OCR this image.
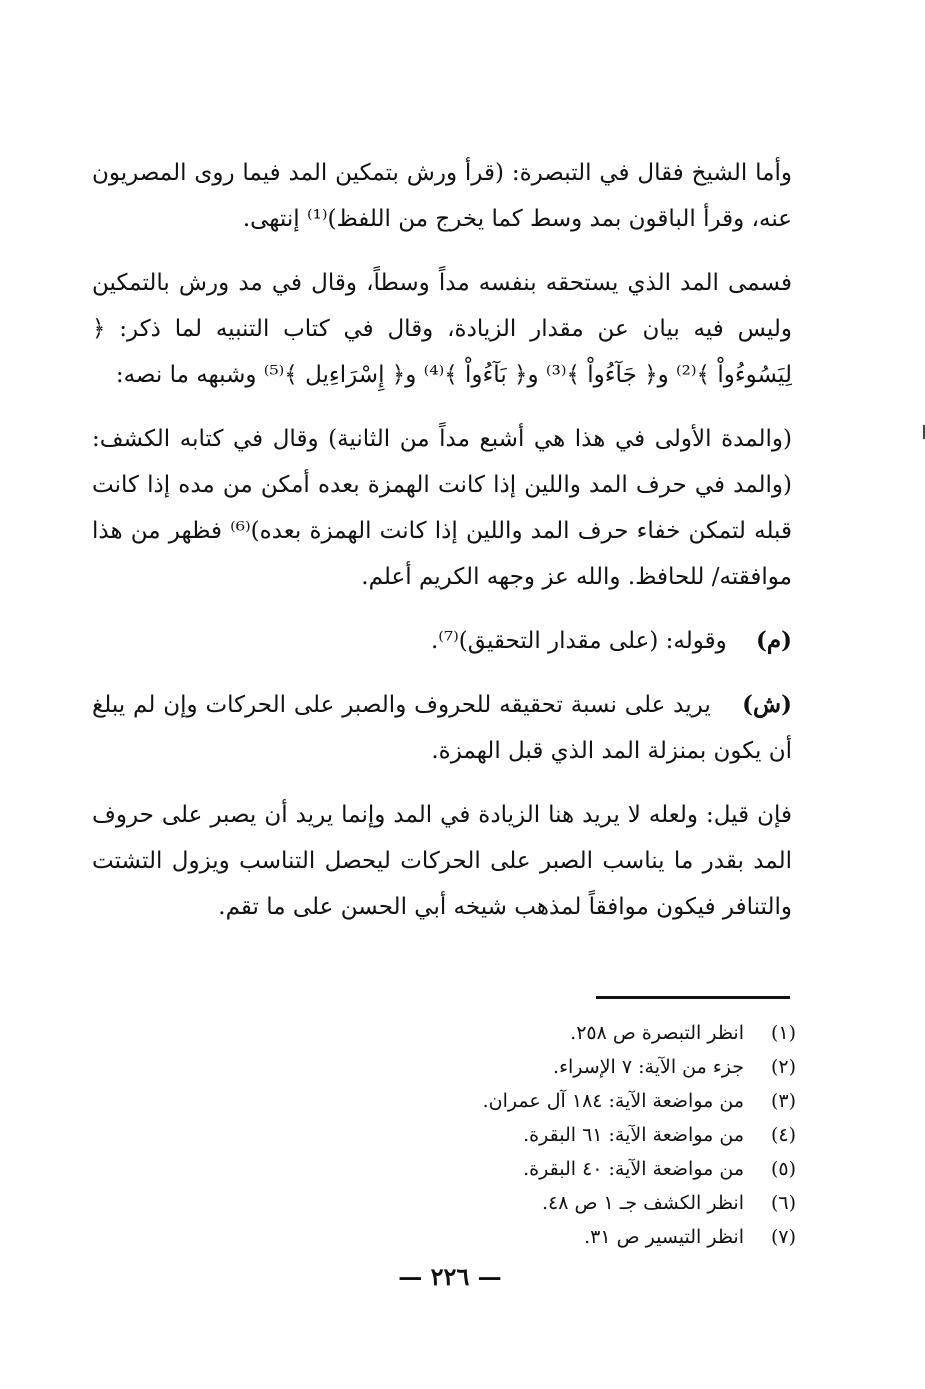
وأما الشيخ فقال في التبصرة: (قرأ ورش بتمكين المد فيما روى المصريون عنه، وقرأ الباقون بمد وسط كما يخرج من اللفظ)⁽¹⁾ إنتهى.

فسمى المد الذي يستحقه بنفسه مداً وسطاً، وقال في مد ورش بالتمكين وليس فيه بيان عن مقدار الزيادة، وقال في كتاب التنبيه لما ذكر: ﴿ لِيَسُوءُواْ ﴾⁽²⁾ و﴿ جَآءُواْ ﴾⁽³⁾ و﴿ بَآءُواْ ﴾⁽⁴⁾ و﴿ إِسْرَاءِيل ﴾⁽⁵⁾ وشبهه ما نصه:

(والمدة الأولى في هذا هي أشبع مداً من الثانية) وقال في كتابه الكشف: (والمد في حرف المد واللين إذا كانت الهمزة بعده أمكن من مده إذا كانت قبله لتمكن خفاء حرف المد واللين إذا كانت الهمزة بعده)⁽⁶⁾ فظهر من هذا موافقته/ للحافظ. والله عز وجهه الكريم أعلم.

(م)    وقوله: (على مقدار التحقيق)⁽⁷⁾.

(ش)    يريد على نسبة تحقيقه للحروف والصبر على الحركات وإن لم يبلغ أن يكون بمنزلة المد الذي قبل الهمزة.

فإن قيل: ولعله لا يريد هنا الزيادة في المد وإنما يريد أن يصبر على حروف المد بقدر ما يناسب الصبر على الحركات ليحصل التناسب ويزول التشتت والتنافر فيكون موافقاً لمذهب شيخه أبي الحسن على ما تقم.

(١)
انظر التبصرة ص ٢٥٨.
(٢)
جزء من الآية: ٧ الإسراء.
(٣)
من مواضعة الآية: ١٨٤ آل عمران.
(٤)
من مواضعة الآية: ٦١ البقرة.
(٥)
من مواضعة الآية: ٤٠ البقرة.
(٦)
انظر الكشف جـ ١ ص ٤٨.
(٧)
انظر التيسير ص ٣١.
— ٢٢٦ —
